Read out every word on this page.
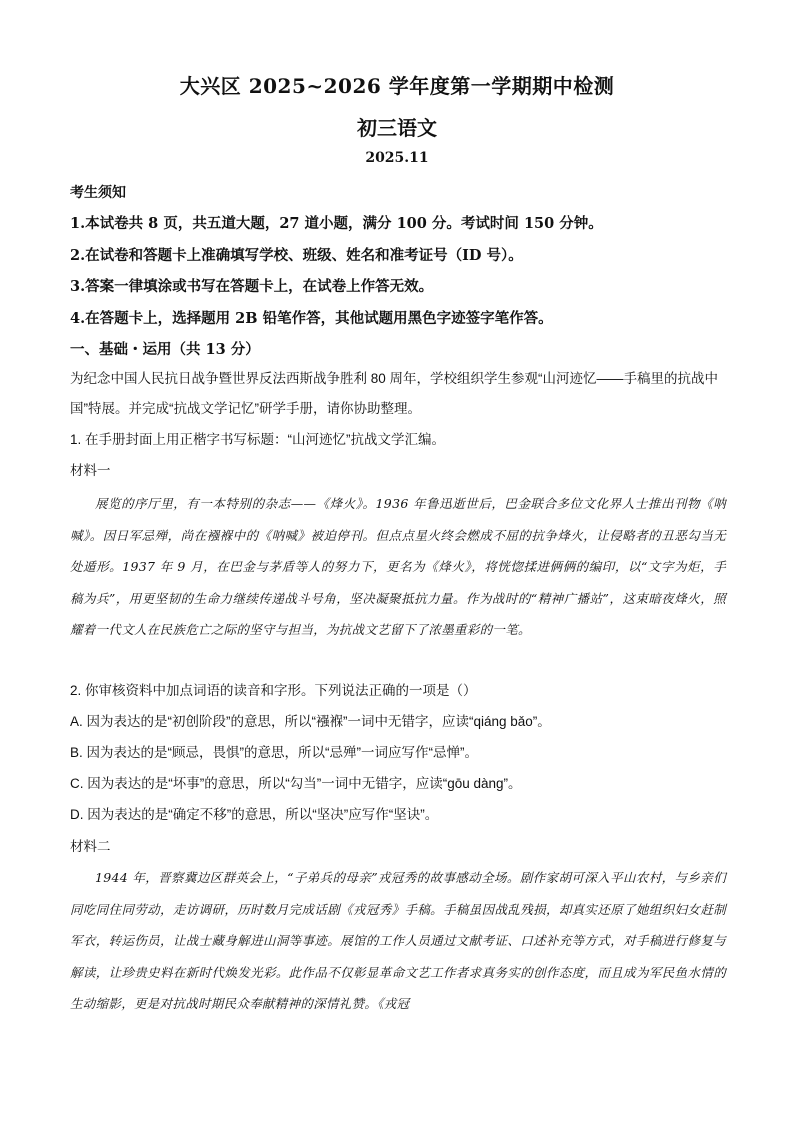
大兴区 2025~2026 学年度第一学期期中检测
初三语文
2025.11
考生须知
1.本试卷共 8 页，共五道大题，27 道小题，满分 100 分。考试时间 150 分钟。
2.在试卷和答题卡上准确填写学校、班级、姓名和准考证号（ID 号）。
3.答案一律填涂或书写在答题卡上，在试卷上作答无效。
4.在答题卡上，选择题用 2B 铅笔作答，其他试题用黑色字迹签字笔作答。
一、基础・运用（共 13 分）
为纪念中国人民抗日战争暨世界反法西斯战争胜利 80 周年，学校组织学生参观“山河迹忆——手稿里的抗战中国”特展。并完成“抗战文学记忆”研学手册，请你协助整理。
1. 在手册封面上用正楷字书写标题：“山河迹忆”抗战文学汇编。
材料一
展览的序厅里，有一本特别的杂志——《烽火》。1936 年鲁迅逝世后，巴金联合多位文化界人士推出刊物《呐喊》。因日军忌殚，尚在襁褓中的《呐喊》被迫停刊。但点点星火终会燃成不屈的抗争烽火，让侵略者的丑恶勾当无处遁形。1937 年 9 月，在巴金与茅盾等人的努力下，更名为《烽火》，将恍惚揉进俩俩的编印，以“文字为炬，手稿为兵”，用更坚韧的生命力继续传递战斗号角，坚决凝聚抵抗力量。作为战时的“精神广播站”，这束暗夜烽火，照耀着一代文人在民族危亡之际的坚守与担当，为抗战文艺留下了浓墨重彩的一笔。
2. 你审核资料中加点词语的读音和字形。下列说法正确的一项是（）
A. 因为表达的是“初创阶段”的意思，所以“襁褓”一词中无错字，应读“qiáng bǎo”。
B. 因为表达的是“顾忌，畏惧”的意思，所以“忌殚”一词应写作“忌惮”。
C. 因为表达的是“坏事”的意思，所以“勾当”一词中无错字，应读“gōu dàng”。
D. 因为表达的是“确定不移”的意思，所以“坚决”应写作“坚诀”。
材料二
1944 年，晋察冀边区群英会上，“子弟兵的母亲”戎冠秀的故事感动全场。剧作家胡可深入平山农村，与乡亲们同吃同住同劳动，走访调研，历时数月完成话剧《戎冠秀》手稿。手稿虽因战乱残损，却真实还原了她组织妇女赶制军衣，转运伤员，让战士藏身解进山洞等事迹。展馆的工作人员通过文献考证、口述补充等方式，对手稿进行修复与解读，让珍贵史料在新时代焕发光彩。此作品不仅彰显革命文艺工作者求真务实的创作态度，而且成为军民鱼水情的生动缩影，更是对抗战时期民众奉献精神的深情礼赞。《戎冠
